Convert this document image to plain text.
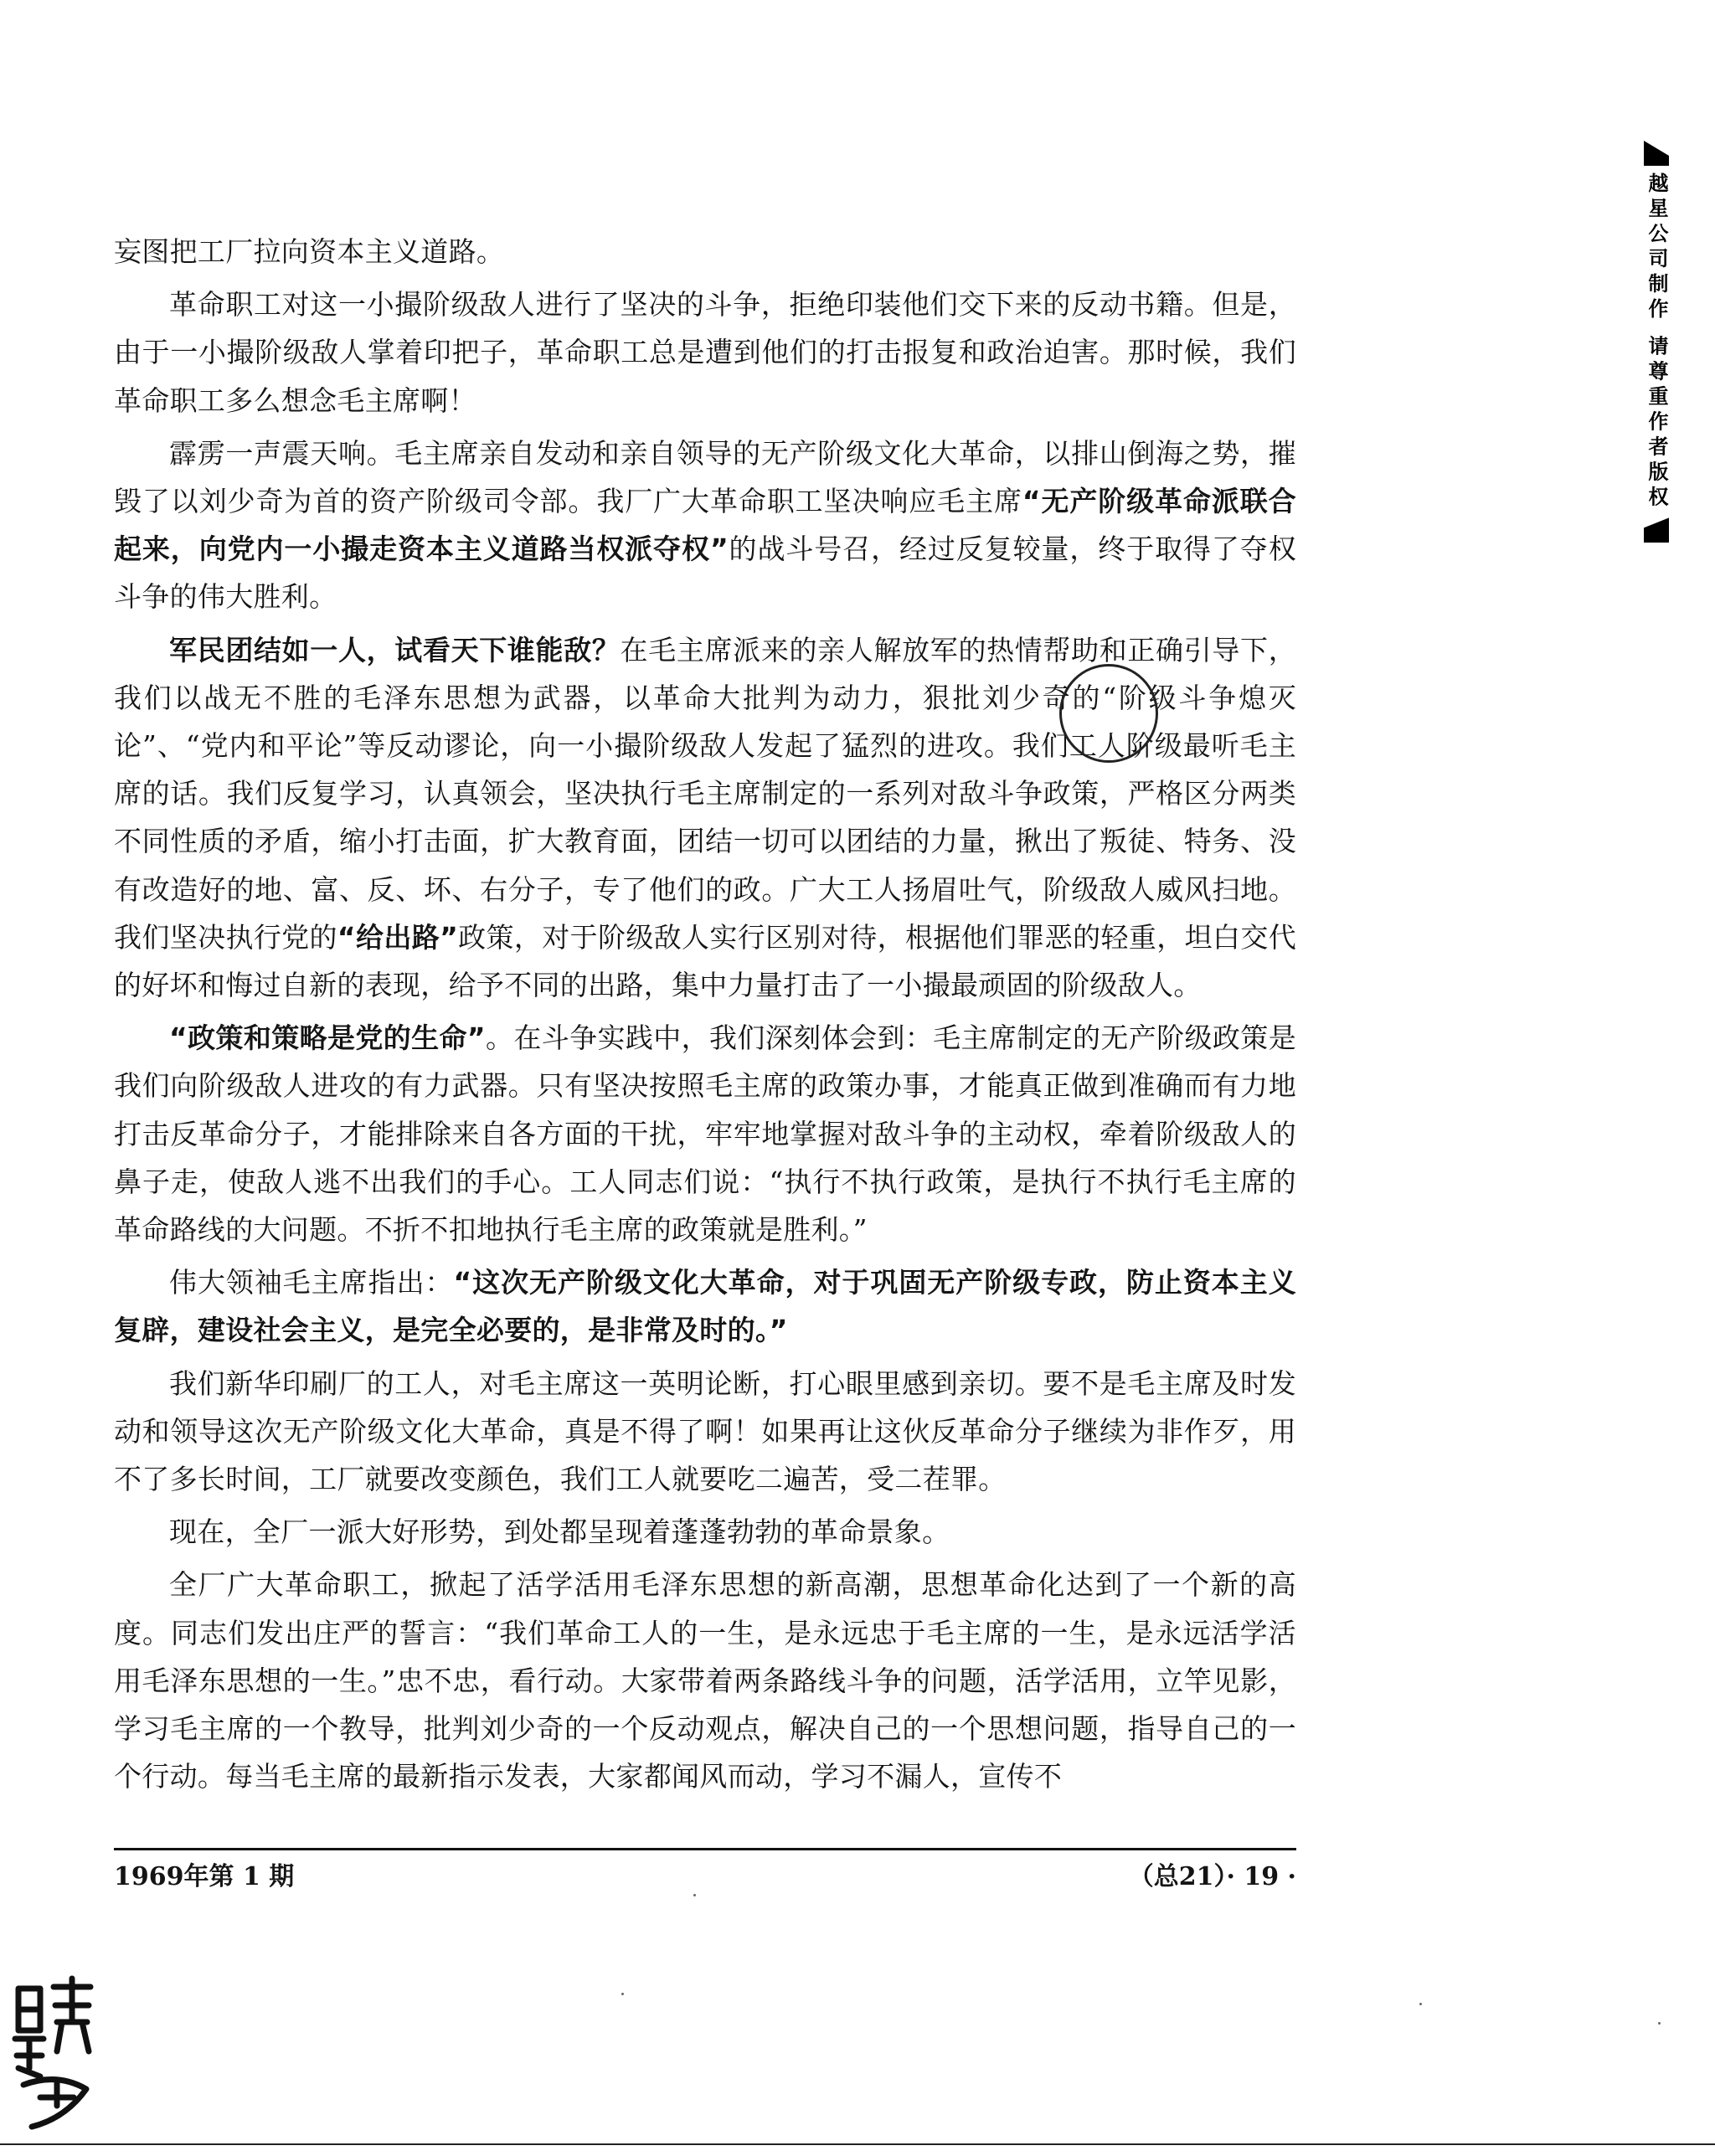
妄图把工厂拉向资本主义道路。

革命职工对这一小撮阶级敌人进行了坚决的斗争，拒绝印装他们交下来的反动书籍。但是，由于一小撮阶级敌人掌着印把子，革命职工总是遭到他们的打击报复和政治迫害。那时候，我们革命职工多么想念毛主席啊！

霹雳一声震天响。毛主席亲自发动和亲自领导的无产阶级文化大革命，以排山倒海之势，摧毁了以刘少奇为首的资产阶级司令部。我厂广大革命职工坚决响应毛主席“无产阶级革命派联合起来，向党内一小撮走资本主义道路当权派夺权”的战斗号召，经过反复较量，终于取得了夺权斗争的伟大胜利。

军民团结如一人，试看天下谁能敌？在毛主席派来的亲人解放军的热情帮助和正确引导下，我们以战无不胜的毛泽东思想为武器，以革命大批判为动力，狠批刘少奇的“阶级斗争熄灭论”、“党内和平论”等反动谬论，向一小撮阶级敌人发起了猛烈的进攻。我们工人阶级最听毛主席的话。我们反复学习，认真领会，坚决执行毛主席制定的一系列对敌斗争政策，严格区分两类不同性质的矛盾，缩小打击面，扩大教育面，团结一切可以团结的力量，揪出了叛徒、特务、没有改造好的地、富、反、坏、右分子，专了他们的政。广大工人扬眉吐气，阶级敌人威风扫地。我们坚决执行党的“给出路”政策，对于阶级敌人实行区别对待，根据他们罪恶的轻重，坦白交代的好坏和悔过自新的表现，给予不同的出路，集中力量打击了一小撮最顽固的阶级敌人。

“政策和策略是党的生命”。在斗争实践中，我们深刻体会到：毛主席制定的无产阶级政策是我们向阶级敌人进攻的有力武器。只有坚决按照毛主席的政策办事，才能真正做到准确而有力地打击反革命分子，才能排除来自各方面的干扰，牢牢地掌握对敌斗争的主动权，牵着阶级敌人的鼻子走，使敌人逃不出我们的手心。工人同志们说：“执行不执行政策，是执行不执行毛主席的革命路线的大问题。不折不扣地执行毛主席的政策就是胜利。”

伟大领袖毛主席指出：“这次无产阶级文化大革命，对于巩固无产阶级专政，防止资本主义复辟，建设社会主义，是完全必要的，是非常及时的。”

我们新华印刷厂的工人，对毛主席这一英明论断，打心眼里感到亲切。要不是毛主席及时发动和领导这次无产阶级文化大革命，真是不得了啊！如果再让这伙反革命分子继续为非作歹，用不了多长时间，工厂就要改变颜色，我们工人就要吃二遍苦，受二茬罪。

现在，全厂一派大好形势，到处都呈现着蓬蓬勃勃的革命景象。

全厂广大革命职工，掀起了活学活用毛泽东思想的新高潮，思想革命化达到了一个新的高度。同志们发出庄严的誓言：“我们革命工人的一生，是永远忠于毛主席的一生，是永远活学活用毛泽东思想的一生。”忠不忠，看行动。大家带着两条路线斗争的问题，活学活用，立竿见影，学习毛主席的一个教导，批判刘少奇的一个反动观点，解决自己的一个思想问题，指导自己的一个行动。每当毛主席的最新指示发表，大家都闻风而动，学习不漏人，宣传不

1969年第 1 期	（总21）· 19 ·
越星公司制作 请尊重作者版权
